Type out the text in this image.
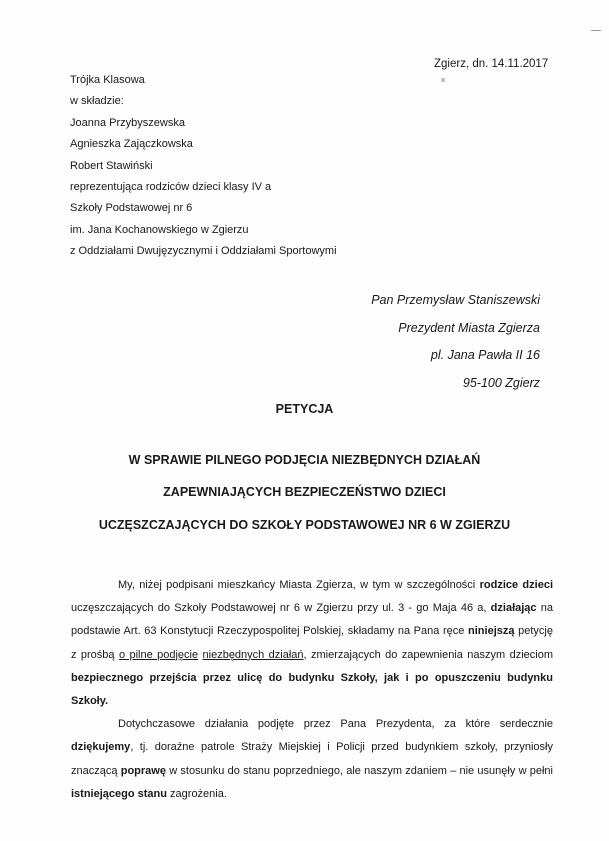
Zgierz, dn. 14.11.2017
Trójka Klasowa
w składzie:
Joanna Przybyszewska
Agnieszka Zajączkowska
Robert Stawiński
reprezentująca rodziców dzieci klasy IV a
Szkoły Podstawowej nr 6
im. Jana Kochanowskiego w Zgierzu
z Oddziałami Dwujęzycznymi i Oddziałami Sportowymi
Pan Przemysław Staniszewski
Prezydent Miasta Zgierza
pl. Jana Pawła II 16
95-100 Zgierz
PETYCJA
W SPRAWIE PILNEGO PODJĘCIA NIEZBĘDNYCH DZIAŁAŃ
ZAPEWNIAJĄCYCH BEZPIECZEŃSTWO DZIECI
UCZĘSZCZAJĄCYCH DO SZKOŁY PODSTAWOWEJ NR 6 W ZGIERZU

My, niżej podpisani mieszkańcy Miasta Zgierza, w tym w szczególności rodzice dzieci uczęszczających do Szkoły Podstawowej nr 6 w Zgierzu przy ul. 3 - go Maja 46 a, działając na podstawie Art. 63 Konstytucji Rzeczypospolitej Polskiej, składamy na Pana ręce niniejszą petycję z prośbą o pilne podjęcie niezbędnych działań, zmierzających do zapewnienia naszym dzieciom bezpiecznego przejścia przez ulicę do budynku Szkoły, jak i po opuszczeniu budynku Szkoły.

Dotychczasowe działania podjęte przez Pana Prezydenta, za które serdecznie dziękujemy, tj. doraźne patrole Straży Miejskiej i Policji przed budynkiem szkoły, przyniosły znaczącą poprawę w stosunku do stanu poprzedniego, ale naszym zdaniem – nie usunęły w pełni istniejącego stanu zagrożenia.
